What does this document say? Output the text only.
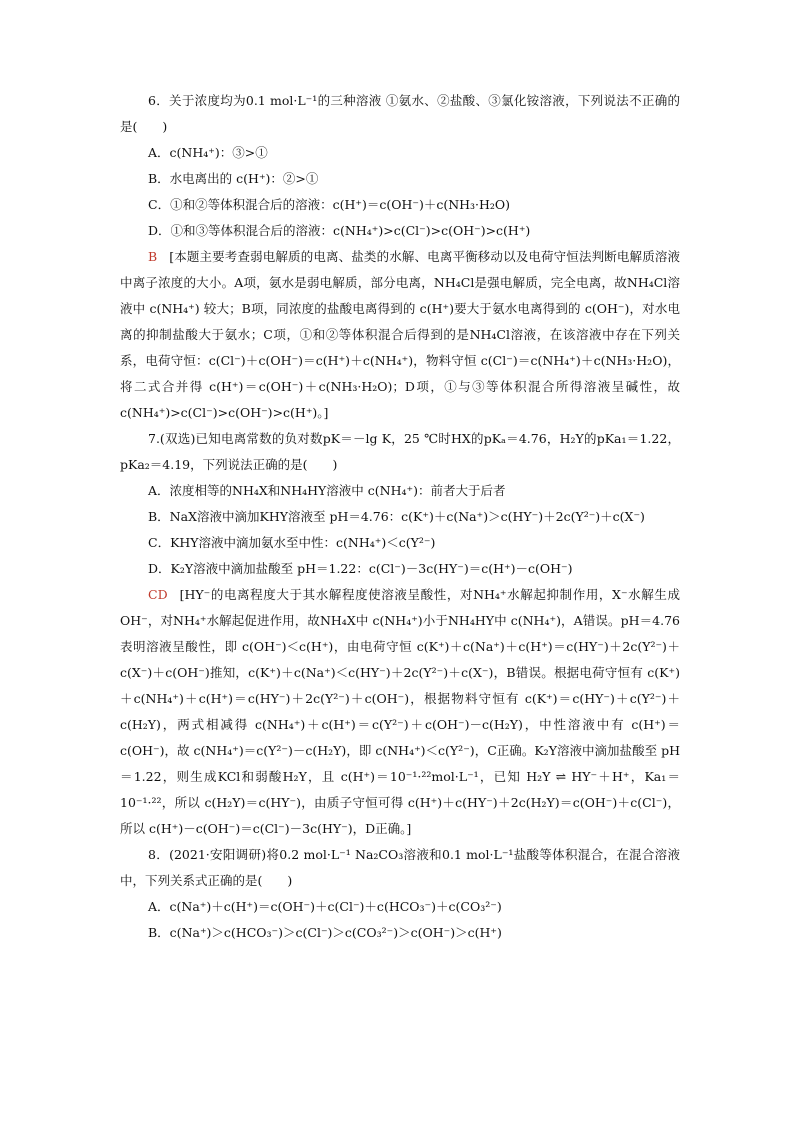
6．关于浓度均为0.1 mol·L⁻¹的三种溶液 ①氨水、②盐酸、③氯化铵溶液，下列说法不正确的是(　　)

A．c(NH₄⁺)：③>①

B．水电离出的 c(H⁺)：②>①

C．①和②等体积混合后的溶液：c(H⁺)＝c(OH⁻)＋c(NH₃·H₂O)

D．①和③等体积混合后的溶液：c(NH₄⁺)>c(Cl⁻)>c(OH⁻)>c(H⁺)

B [本题主要考查弱电解质的电离、盐类的水解、电离平衡移动以及电荷守恒法判断电解质溶液中离子浓度的大小。A项，氨水是弱电解质，部分电离，NH₄Cl是强电解质，完全电离，故NH₄Cl溶液中 c(NH₄⁺) 较大；B项，同浓度的盐酸电离得到的 c(H⁺)要大于氨水电离得到的 c(OH⁻)，对水电离的抑制盐酸大于氨水；C项，①和②等体积混合后得到的是NH₄Cl溶液，在该溶液中存在下列关系，电荷守恒：c(Cl⁻)＋c(OH⁻)＝c(H⁺)＋c(NH₄⁺)，物料守恒 c(Cl⁻)＝c(NH₄⁺)＋c(NH₃·H₂O)，将二式合并得 c(H⁺)＝c(OH⁻)＋c(NH₃·H₂O)；D项，①与③等体积混合所得溶液呈碱性，故 c(NH₄⁺)>c(Cl⁻)>c(OH⁻)>c(H⁺)。]

7.(双选)已知电离常数的负对数pK＝－lg K，25 ℃时HX的pKₐ＝4.76，H₂Y的pKa₁＝1.22，pKa₂＝4.19，下列说法正确的是(　　)

A．浓度相等的NH₄X和NH₄HY溶液中 c(NH₄⁺)：前者大于后者

B．NaX溶液中滴加KHY溶液至 pH＝4.76：c(K⁺)＋c(Na⁺)＞c(HY⁻)＋2c(Y²⁻)＋c(X⁻)

C．KHY溶液中滴加氨水至中性：c(NH₄⁺)＜c(Y²⁻)

D．K₂Y溶液中滴加盐酸至 pH＝1.22：c(Cl⁻)－3c(HY⁻)＝c(H⁺)－c(OH⁻)

CD [HY⁻的电离程度大于其水解程度使溶液呈酸性，对NH₄⁺水解起抑制作用，X⁻水解生成OH⁻，对NH₄⁺水解起促进作用，故NH₄X中 c(NH₄⁺)小于NH₄HY中 c(NH₄⁺)，A错误。pH＝4.76表明溶液呈酸性，即 c(OH⁻)＜c(H⁺)，由电荷守恒 c(K⁺)＋c(Na⁺)＋c(H⁺)＝c(HY⁻)＋2c(Y²⁻)＋c(X⁻)＋c(OH⁻)推知，c(K⁺)＋c(Na⁺)＜c(HY⁻)＋2c(Y²⁻)＋c(X⁻)，B错误。根据电荷守恒有 c(K⁺)＋c(NH₄⁺)＋c(H⁺)＝c(HY⁻)＋2c(Y²⁻)＋c(OH⁻)，根据物料守恒有 c(K⁺)＝c(HY⁻)＋c(Y²⁻)＋c(H₂Y)，两式相减得 c(NH₄⁺)＋c(H⁺)＝c(Y²⁻)＋c(OH⁻)－c(H₂Y)，中性溶液中有 c(H⁺)＝c(OH⁻)，故 c(NH₄⁺)＝c(Y²⁻)－c(H₂Y)，即 c(NH₄⁺)＜c(Y²⁻)，C正确。K₂Y溶液中滴加盐酸至 pH＝1.22，则生成KCl和弱酸H₂Y，且 c(H⁺)＝10⁻¹·²²mol·L⁻¹，已知 H₂Y ⇌ HY⁻＋H⁺，Ka₁＝10⁻¹·²²，所以 c(H₂Y)＝c(HY⁻)，由质子守恒可得 c(H⁺)＋c(HY⁻)＋2c(H₂Y)＝c(OH⁻)＋c(Cl⁻)，所以 c(H⁺)－c(OH⁻)＝c(Cl⁻)－3c(HY⁻)，D正确。]

8．(2021·安阳调研)将0.2 mol·L⁻¹ Na₂CO₃溶液和0.1 mol·L⁻¹盐酸等体积混合，在混合溶液中，下列关系式正确的是(　　)

A．c(Na⁺)＋c(H⁺)＝c(OH⁻)＋c(Cl⁻)＋c(HCO₃⁻)＋c(CO₃²⁻)

B．c(Na⁺)＞c(HCO₃⁻)＞c(Cl⁻)＞c(CO₃²⁻)＞c(OH⁻)＞c(H⁺)
